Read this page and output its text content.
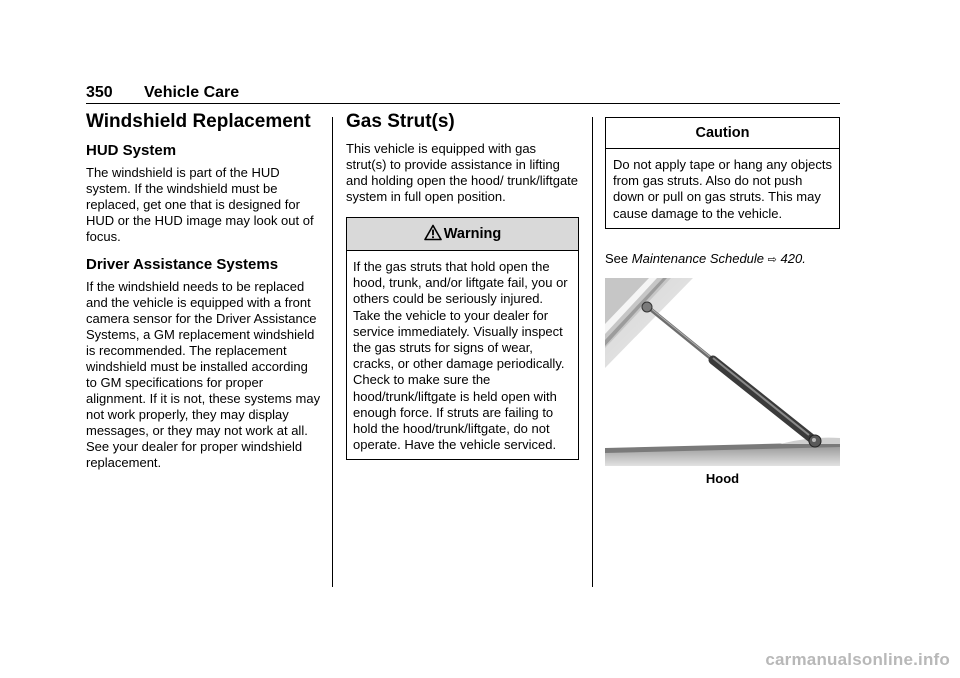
350 Vehicle Care
Windshield Replacement
HUD System

The windshield is part of the HUD system. If the windshield must be replaced, get one that is designed for HUD or the HUD image may look out of focus.

Driver Assistance Systems

If the windshield needs to be replaced and the vehicle is equipped with a front camera sensor for the Driver Assistance Systems, a GM replacement windshield is recommended. The replacement windshield must be installed according to GM specifications for proper alignment. If it is not, these systems may not work properly, they may display messages, or they may not work at all. See your dealer for proper windshield replacement.

Gas Strut(s)

This vehicle is equipped with gas strut(s) to provide assistance in lifting and holding open the hood/ trunk/liftgate system in full open position.

Warning
If the gas struts that hold open the hood, trunk, and/or liftgate fail, you or others could be seriously injured. Take the vehicle to your dealer for service immediately. Visually inspect the gas struts for signs of wear, cracks, or other damage periodically. Check to make sure the hood/trunk/liftgate is held open with enough force. If struts are failing to hold the hood/trunk/liftgate, do not operate. Have the vehicle serviced.
Caution
Do not apply tape or hang any objects from gas struts. Also do not push down or pull on gas struts. This may cause damage to the vehicle.
See Maintenance Schedule ⇨ 420.
Hood
carmanualsonline.info
